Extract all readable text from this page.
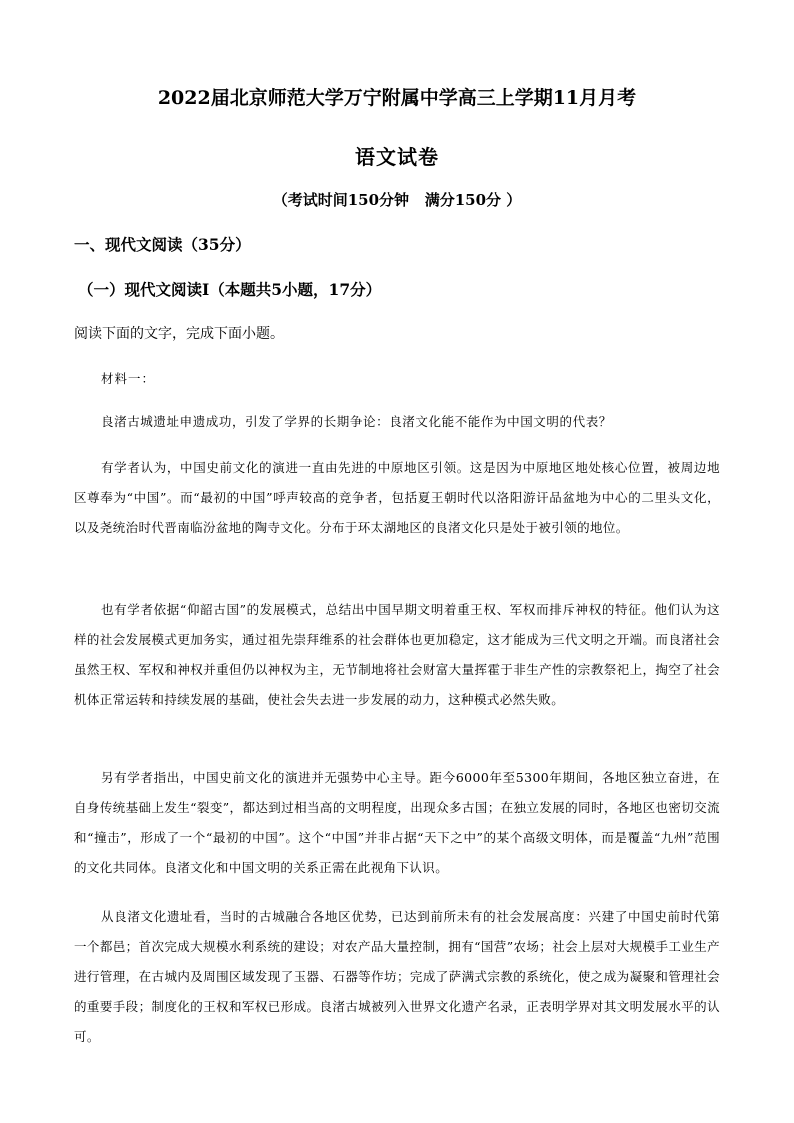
2022届北京师范大学万宁附属中学高三上学期11月月考
语文试卷

（考试时间150分钟   满分150分 ）

一、现代文阅读（35分）
（一）现代文阅读Ⅰ（本题共5小题，17分）

阅读下面的文字，完成下面小题。

材料一：

良渚古城遗址申遗成功，引发了学界的长期争论：良渚文化能不能作为中国文明的代表？

有学者认为，中国史前文化的演进一直由先进的中原地区引领。这是因为中原地区地处核心位置，被周边地区尊奉为“中国”。而“最初的中国”呼声较高的竞争者，包括夏王朝时代以洛阳游讦品盆地为中心的二里头文化，以及尧统治时代晋南临汾盆地的陶寺文化。分布于环太湖地区的良渚文化只是处于被引领的地位。

也有学者依据“仰韶古国”的发展模式，总结出中国早期文明着重王权、军权而排斥神权的特征。他们认为这样的社会发展模式更加务实，通过祖先崇拜维系的社会群体也更加稳定，这才能成为三代文明之开端。而良渚社会虽然王权、军权和神权并重但仍以神权为主，无节制地将社会财富大量挥霍于非生产性的宗教祭祀上，掏空了社会机体正常运转和持续发展的基础，使社会失去进一步发展的动力，这种模式必然失败。

另有学者指出，中国史前文化的演进并无强势中心主导。距今6000年至5300年期间，各地区独立奋进，在自身传统基础上发生“裂变”，都达到过相当高的文明程度，出现众多古国；在独立发展的同时，各地区也密切交流和“撞击”，形成了一个“最初的中国”。这个“中国”并非占据“天下之中”的某个高级文明体，而是覆盖“九州”范围的文化共同体。良渚文化和中国文明的关系正需在此视角下认识。

从良渚文化遗址看，当时的古城融合各地区优势，已达到前所未有的社会发展高度：兴建了中国史前时代第一个都邑；首次完成大规模水利系统的建设；对农产品大量控制，拥有“国营”农场；社会上层对大规模手工业生产进行管理，在古城内及周围区域发现了玉器、石器等作坊；完成了萨满式宗教的系统化，使之成为凝聚和管理社会的重要手段；制度化的王权和军权已形成。良渚古城被列入世界文化遗产名录，正表明学界对其文明发展水平的认可。
